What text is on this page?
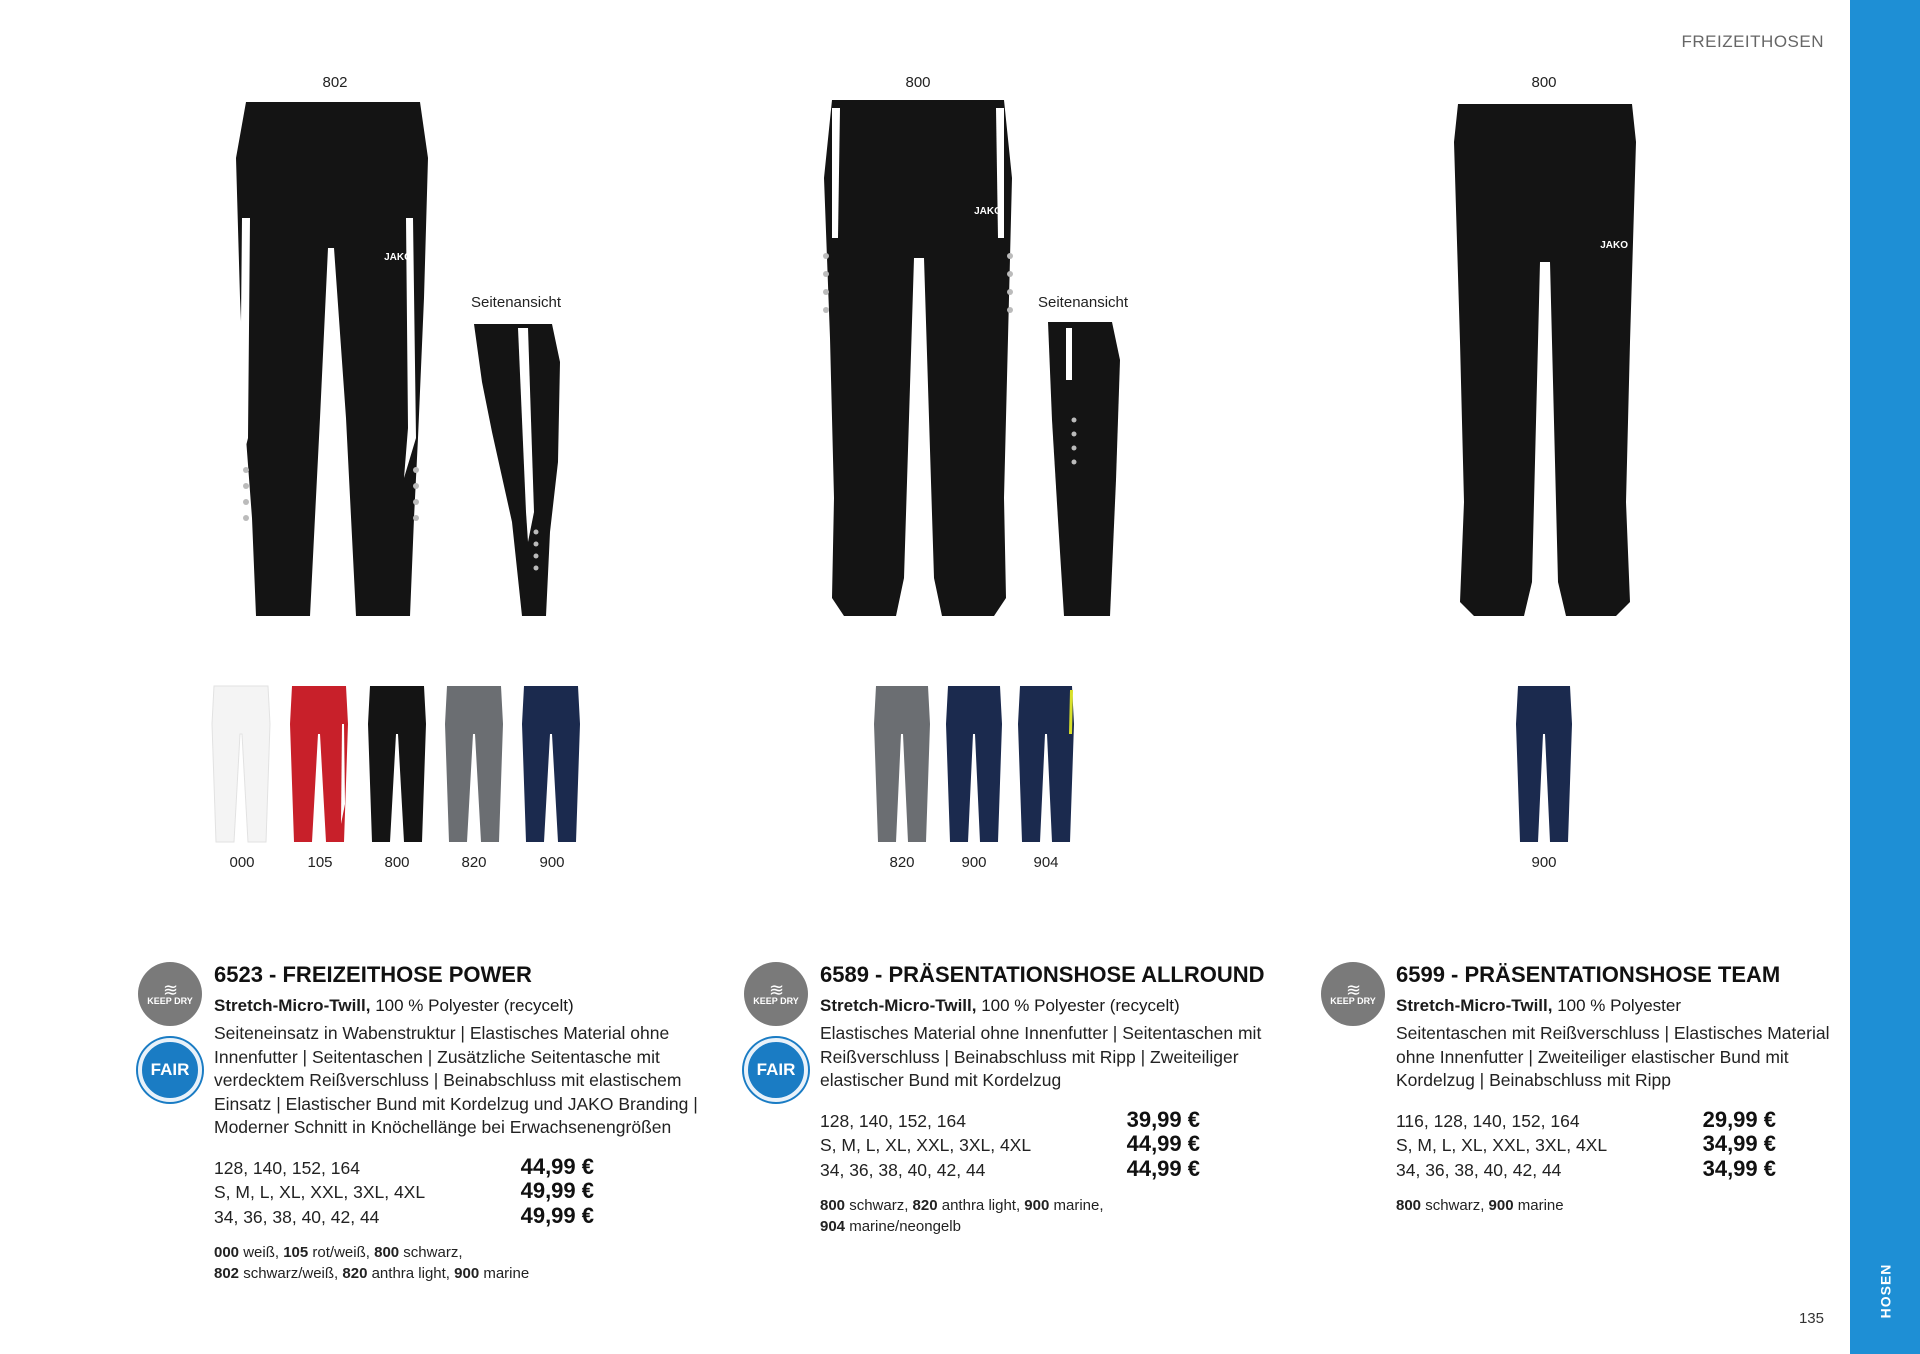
FREIZEITHOSEN
HOSEN
135
802
JAKO
Seitenansicht
000	105	800	820	900
800
JAKO
Seitenansicht
820	900	904
800
JAKO
900
≋
KEEP DRY
FAIR
6523 - FREIZEITHOSE POWER
Stretch-Micro-Twill, 100 % Polyester (recycelt)
Seiteneinsatz in Wabenstruktur | Elastisches Material ohne Innenfutter | Seitentaschen | Zusätzliche Seitentasche mit verdecktem Reißverschluss | Beinabschluss mit elastischem Einsatz | Elastischer Bund mit Kordelzug und JAKO Branding | Moderner Schnitt in Knöchellänge bei Erwachsenengrößen
128, 140, 152, 164	44,99 €
S, M, L, XL, XXL, 3XL, 4XL	49,99 €
34, 36, 38, 40, 42, 44	49,99 €
000 weiß, 105 rot/weiß, 800 schwarz,
802 schwarz/weiß, 820 anthra light, 900 marine
≋
KEEP DRY
FAIR
6589 - PRÄSENTATIONSHOSE ALLROUND
Stretch-Micro-Twill, 100 % Polyester (recycelt)
Elastisches Material ohne Innenfutter | Seitentaschen mit Reißverschluss | Beinabschluss mit Ripp | Zweiteiliger elastischer Bund mit Kordelzug
128, 140, 152, 164	39,99 €
S, M, L, XL, XXL, 3XL, 4XL	44,99 €
34, 36, 38, 40, 42, 44	44,99 €
800 schwarz, 820 anthra light, 900 marine,
904 marine/neongelb
≋
KEEP DRY
6599 - PRÄSENTATIONSHOSE TEAM
Stretch-Micro-Twill, 100 % Polyester
Seitentaschen mit Reißverschluss | Elastisches Material ohne Innenfutter | Zweiteiliger elastischer Bund mit Kordelzug | Beinabschluss mit Ripp
116, 128, 140, 152, 164	29,99 €
S, M, L, XL, XXL, 3XL, 4XL	34,99 €
34, 36, 38, 40, 42, 44	34,99 €
800 schwarz, 900 marine
